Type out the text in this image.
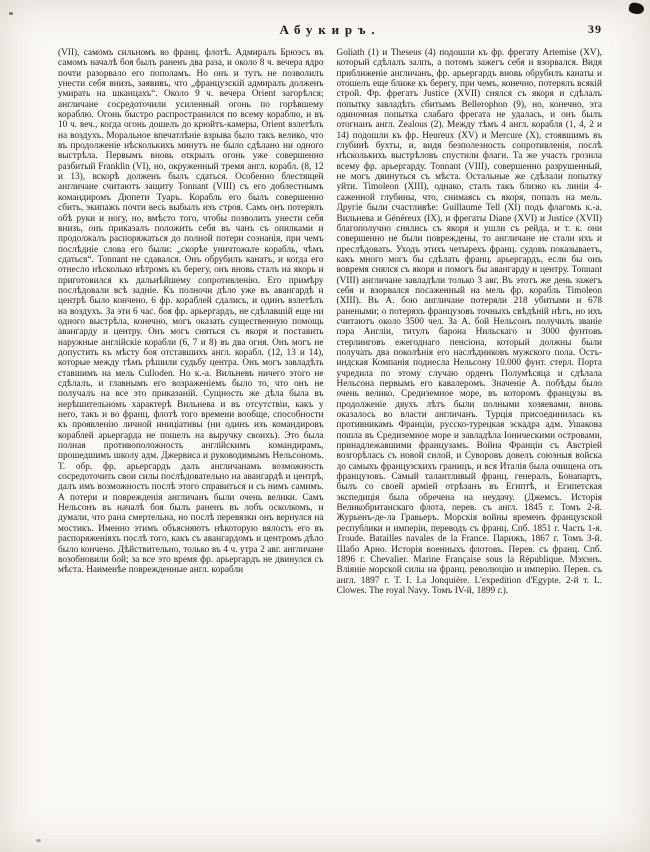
Абукиръ.	39
(VII), самомъ сильномъ во франц. флотѣ. Адмиралъ Брюэсъ въ самомъ началѣ боя былъ раненъ два раза, и около 8 ч. вечера ядро почти разорвало его пополамъ. Но онъ и тутъ не позволилъ унести себя внизъ, заявивъ, что „французскій адмиралъ долженъ умирать на шканцахъ“. Около 9 ч. вечера Orient загорѣлся; англичане сосредоточили усиленный огонь по горѣвшему кораблю. Огонь быстро распространился по всему кораблю, и въ 10 ч. веч., когда огонь дошелъ до крюйтъ-камеры, Orient взлетѣлъ на воздухъ. Моральное впечатлѣніе взрыва было такъ велико, что въ продолженіе нѣсколькихъ минутъ не было сдѣлано ни одного выстрѣла. Первымъ вновь открылъ огонь уже совершенно разбитый Franklin (VI), но, окруженный тремя англ. корабл. (8, 12 и 13), вскорѣ долженъ былъ сдаться. Особенно блестящей англичане считаютъ защиту Tonnant (VIII) съ его доблестнымъ командиромъ Дюпети Туаръ. Корабль его былъ совершенно сбитъ, экипажъ почти весь выбылъ изъ строя. Самъ онъ потерялъ обѣ руки и ногу, но, вмѣсто того, чтобы позволить унести себя внизъ, онъ приказалъ положить себя въ чанъ съ опилками и продолжалъ распоряжаться до полной потери сознанія, при чемъ послѣдніе слова его были: „скорѣе уничтожьте корабль, чѣмъ сдаться“. Tonnant не сдавался. Онъ обрубилъ канатъ, и когда его отнесло нѣсколько вѣтромъ къ берегу, онъ вновь сталъ на якорь и приготовился къ дальнѣйшему сопротивленію. Его примѣру послѣдовали всѣ задніе. Къ полночи дѣло уже въ авангардѣ и центрѣ было кончено. 6 фр. кораблей сдались, и одинъ взлетѣлъ на воздухъ. За эти 6 час. боя фр. арьергардъ, не сдѣлавшій еще ни одного выстрѣла, конечно, могъ оказать существенную помощь авангарду и центру. Онъ могъ сняться съ якоря и поставить наружные англійскіе корабли (6, 7 и 8) въ два огня. Онъ могъ не допустить къ мѣсту боя отставшихъ англ. корабл. (12, 13 и 14), которые между тѣмъ рѣшили судьбу центра. Онъ могъ завладѣть ставшимъ на мель Culloden. Но к.-а. Вильневъ ничего этого не сдѣлалъ, и главнымъ его возраженіемъ было то, что онъ не получалъ на все это приказаній. Сущность же дѣла была въ нерѣшительномъ характерѣ Вильнева и въ отсутствіи, какъ у него, такъ и во франц. флотѣ того времени вообще, способности къ проявленію личной иниціативы (ни одинъ изъ командировъ кораблей арьергарда не пошелъ на выручку своихъ). Это была полная противоположность англійскимъ командирамъ, прошедшимъ школу адм. Джервиса и руководимымъ Нельсономъ. Т. обр. фр. арьергардъ далъ англичанамъ возможность сосредоточить свои силы послѣдовательно на авангардѣ и центрѣ, далъ имъ возможность послѣ этого справиться и съ нимъ самимъ. А потери и поврежденія англичанъ были очень велики. Самъ Нельсонъ въ началѣ боя былъ раненъ въ лобъ осколкомъ, и думали, что рана смертельна, но послѣ перевязки онъ вернулся на мостикъ. Именно этимъ объясняютъ нѣкоторую вялость его въ распоряженіяхъ послѣ того, какъ съ авангардомъ и центромъ дѣло было кончено. Дѣйствительно, только въ 4 ч. утра 2 авг. англичане возобновили бой; за все это время фр. арьергардъ не двинулся съ мѣста. Наименѣе поврежденные англ. корабли
Goliath (1) и Theseus (4) подошли къ фр. фрегату Artemise (XV), который сдѣлалъ залпъ, а потомъ зажегъ себя и взорвался. Видя приближеніе англичанъ, фр. арьергардъ вновь обрубилъ канаты и отошелъ еще ближе къ берегу, при чемъ, конечно, потерялъ всякій строй. Фр. фрегатъ Justice (XVII) снялся съ якоря и сдѣлалъ попытку завладѣть сбитымъ Bellerophon (9), но, конечно, эта одиночная попытка слабаго фрегата не удалась, и онъ былъ отогнанъ англ. Zealous (2). Между тѣмъ 4 англ. корабля (1, 4, 2 и 14) подошли къ фр. Heureux (XV) и Mercure (X), стоявшимъ въ глубинѣ бухты, и, видя безполезность сопротивленія, послѣ нѣсколькихъ выстрѣловъ спустили флаги. Та же участь грозила всему фр. арьергарду. Tonnant (VIII), совершенно разрушенный, не могъ двинуться съ мѣста. Остальные же сдѣлали попытку уйти. Timoleon (XIII), однако, сталъ такъ близко къ линіи 4-саженной глубины, что, снимаясь съ якоря, попалъ на мель. Другіе были счастливѣе: Guillaume Tell (XI) подъ флагомъ к.-а. Вильнева и Généreux (IX), и фрегаты Diane (XVI) и Justice (XVII) благополучно снялись съ якоря и ушли съ рейда, и т. к. они совершенно не были повреждены, то англичане не стали ихъ и преслѣдовать. Уходъ этихъ четырехъ франц. судовъ показываетъ, какъ много могъ бы сдѣлать франц. арьергардъ, если бы онъ вовремя снялся съ якоря и помогъ бы авангарду и центру. Tonnant (VIII) англичане завладѣли только 3 авг. Въ этотъ же день зажегъ себя и взорвался посаженный на мель фр. корабль Timoleon (XIII). Въ А. бою англичане потеряли 218 убитыми и 678 ранеными; о потеряхъ французовъ точныхъ свѣдѣній нѣтъ, но ихъ считаютъ около 3500 чел. За А. бой Нельсонъ получилъ званіе пэра Англіи, титулъ барона Нильскаго и 3000 фунтовъ стерлинговъ ежегоднаго пенсіона, который должны были получать два поколѣнія его наслѣдниковъ мужского пола. Остъ-индская Компанія поднесла Нельсону 10.000 фунт. стерл. Порта учредила по этому случаю орденъ Полумѣсяца и сдѣлала Нельсона первымъ его кавалеромъ. Значеніе А. побѣды было очень велико. Средиземное море, въ которомъ французы въ продолженіе двухъ лѣтъ были полными хозяевами, вновь оказалось во власти англичанъ. Турція присоединилась къ противникамъ Франціи, русско-турецкая эскадра адм. Ушакова пошла въ Средиземное море и завладѣла Іоническими островами, принадлежавшими французамъ. Война Франціи съ Австріей возгорѣлась съ новой силой, и Суворовъ довелъ союзныя войска до самыхъ французскихъ границъ, и вся Италія была очищена отъ французовъ. Самый талантливый франц. генералъ, Бонапартъ, былъ со своей арміей отрѣзанъ въ Египтѣ, и Египетская экспедиція была обречена на неудачу. (Джемсъ. Исторія Великобританскаго флота, перев. съ англ. 1845 г. Томъ 2-й. Журьенъ-де-ла Гравьеръ. Морскія войны временъ французской республики и имперіи, переводъ съ франц. Спб. 1851 г. Часть 1-я. Troude. Batailles navales de la France. Парижъ, 1867 г. Томъ 3-й. Шабо Арно. Исторія военныхъ флотовъ. Перев. съ франц. Спб. 1896 г. Chevalier. Marine Française sous la République. Мэхэнъ. Вліяніе морской силы на франц. революцію и имперію. Перев. съ англ. 1897 г. Т. I. La Jonquière. L'expedition d'Egypte. 2-й т. L. Clowes. The royal Navy. Томъ IV-й, 1899 г.).
